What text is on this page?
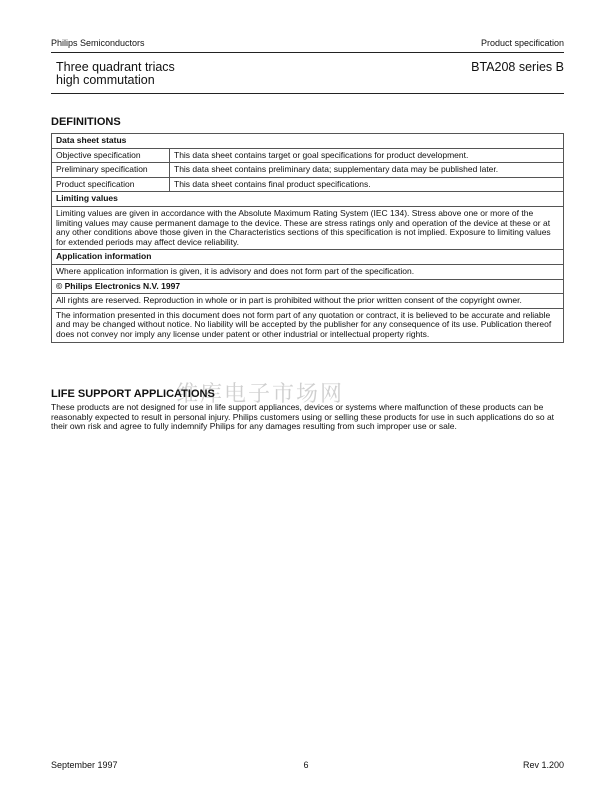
Philips Semiconductors	Product specification
Three quadrant triacs
high commutation
BTA208 series B
DEFINITIONS
Data sheet status	
Objective specification	This data sheet contains target or goal specifications for product development.
Preliminary specification	This data sheet contains preliminary data; supplementary data may be published later.
Product specification	This data sheet contains final product specifications.
Limiting values	
Limiting values are given in accordance with the Absolute Maximum Rating System (IEC 134). Stress above one or more of the limiting values may cause permanent damage to the device. These are stress ratings only and operation of the device at these or at any other conditions above those given in the Characteristics sections of this specification is not implied. Exposure to limiting values for extended periods may affect device reliability.	
Application information	
Where application information is given, it is advisory and does not form part of the specification.	
© Philips Electronics N.V. 1997	
All rights are reserved. Reproduction in whole or in part is prohibited without the prior written consent of the copyright owner.	
The information presented in this document does not form part of any quotation or contract, it is believed to be accurate and reliable and may be changed without notice. No liability will be accepted by the publisher for any consequence of its use. Publication thereof does not convey nor imply any license under patent or other industrial or intellectual property rights.	
维库电子市场网
LIFE SUPPORT APPLICATIONS
These products are not designed for use in life support appliances, devices or systems where malfunction of these products can be reasonably expected to result in personal injury. Philips customers using or selling these products for use in such applications do so at their own risk and agree to fully indemnify Philips for any damages resulting from such improper use or sale.
September 1997	6	Rev 1.200
